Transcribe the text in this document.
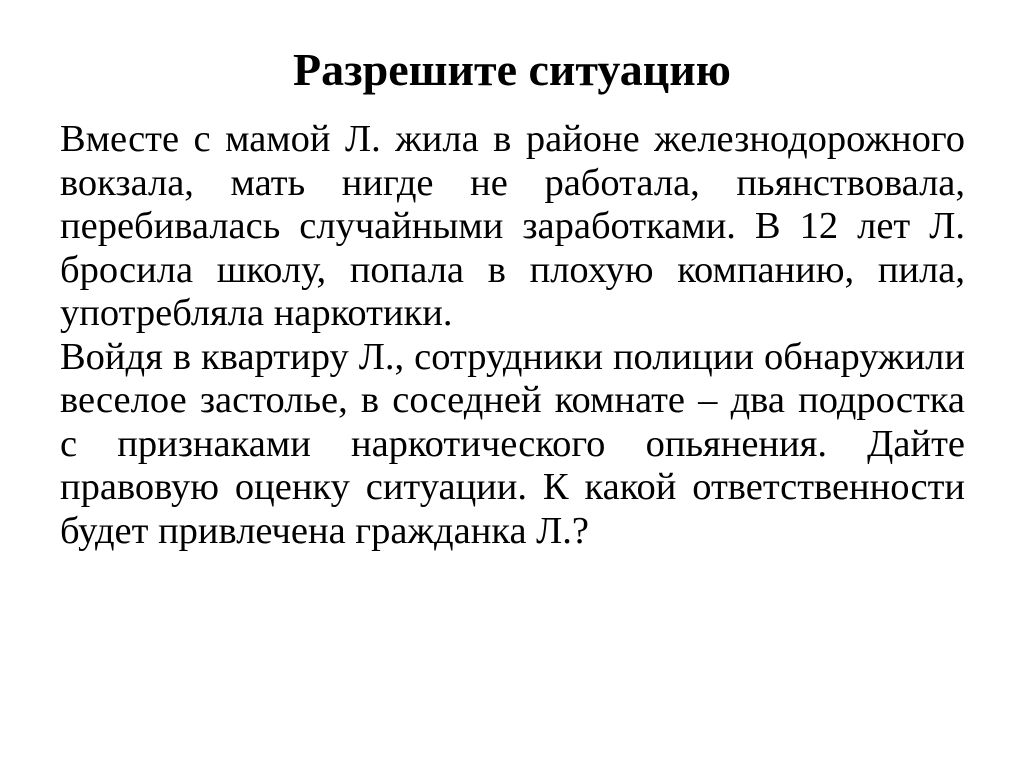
Разрешите ситуацию

Вместе с мамой Л. жила в районе железнодорожного вокзала, мать нигде не работала, пьянствовала, перебивалась случайными заработками. В 12 лет Л. бросила школу, попала в плохую компанию, пила, употребляла наркотики.

Войдя в квартиру Л., сотрудники полиции обнаружили веселое застолье, в соседней комнате – два подростка с признаками наркотического опьянения. Дайте правовую оценку ситуации. К какой ответственности будет привлечена гражданка Л.?
